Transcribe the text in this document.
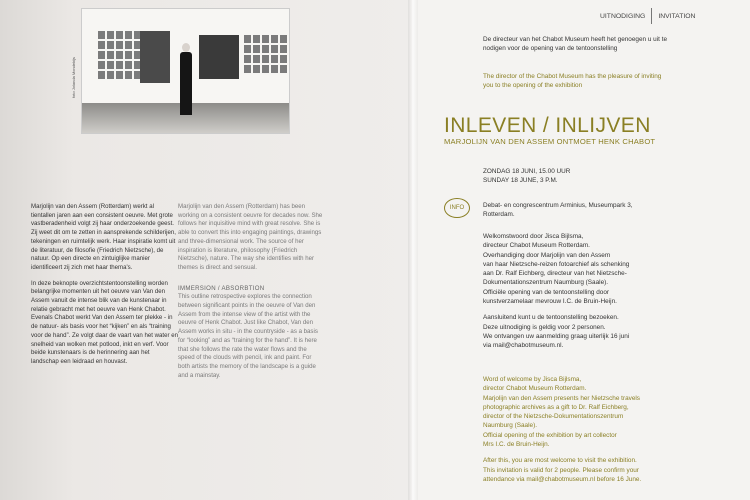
foto Jolanda Mondekijs

Marjolijn van den Assem (Rotterdam) werkt al tientallen jaren aan een consistent oeuvre. Met grote vastberadenheid volgt zij haar onderzoekende geest. Zij weet dit om te zetten in aansprekende schilderijen, tekeningen en ruimtelijk werk. Haar inspiratie komt uit de literatuur, de filosofie (Friedrich Nietzsche), de natuur. Op een directe en zintuiglijke manier identificeert zij zich met haar thema's.

In deze beknopte overzichtstentoonstelling worden belangrijke momenten uit het oeuvre van Van den Assem vanuit de intense blik van de kunstenaar in relatie gebracht met het oeuvre van Henk Chabot. Evenals Chabot werkt Van den Assem ter plekke - in de natuur- als basis voor het “kijken” en als “training voor de hand”. Ze volgt daar de vaart van het water en snelheid van wolken met potlood, inkt en verf. Voor beide kunstenaars is de herinnering aan het landschap een leidraad en houvast.

Marjolijn van den Assem (Rotterdam) has been working on a consistent oeuvre for decades now. She follows her inquisitive mind with great resolve. She is able to convert this into engaging paintings, drawings and three-dimensional work. The source of her inspiration is literature, philosophy (Friedrich Nietzsche), nature. The way she identifies with her themes is direct and sensual.

IMMERSION / ABSORBTION

This outline retrospective explores the connection between significant points in the oeuvre of Van den Assem from the intense view of the artist with the oeuvre of Henk Chabot. Just like Chabot, Van den Assem works in situ - in the countryside - as a basis for “looking” and as “training for the hand”. It is here that she follows the rate the water flows and the speed of the clouds with pencil, ink and paint. For both artists the memory of the landscape is a guide and a mainstay.

UITNODIGING INVITATION
De directeur van het Chabot Museum heeft het genoegen u uit te nodigen voor de opening van de tentoonstelling
The director of the Chabot Museum has the pleasure of inviting you to the opening of the exhibition
INLEVEN / INLIJVEN
MARJOLIJN VAN DEN ASSEM ONTMOET HENK CHABOT
ZONDAG 18 JUNI, 15.00 UUR
SUNDAY 18 JUNE, 3 P.M.
INFO	Debat- en congrescentrum Arminius, Museumpark 3,
Rotterdam.
Welkomstwoord door Jisca Bijlsma,
directeur Chabot Museum Rotterdam.
Overhandiging door Marjolijn van den Assem
van haar Nietzsche-reizen fotoarchief als schenking
aan Dr. Ralf Eichberg, directeur van het Nietzsche-
Dokumentationszentrum Naumburg (Saale).
Officiële opening van de tentoonstelling door
kunstverzamelaar mevrouw I.C. de Bruin-Heijn.
Aansluitend kunt u de tentoonstelling bezoeken.
Deze uitnodiging is geldig voor 2 personen.
We ontvangen uw aanmelding graag uiterlijk 16 juni
via mail@chabotmuseum.nl.
Word of welcome by Jisca Bijlsma,
director Chabot Museum Rotterdam.
Marjolijn van den Assem presents her Nietzsche travels
photographic archives as a gift to Dr. Ralf Eichberg,
director of the Nietzsche-Dokumentationszentrum
Naumburg (Saale).
Official opening of the exhibition by art collector
Mrs I.C. de Bruin-Heijn.
After this, you are most welcome to visit the exhibition.
This invitation is valid for 2 people. Please confirm your
attendance via mail@chabotmuseum.nl before 16 June.
